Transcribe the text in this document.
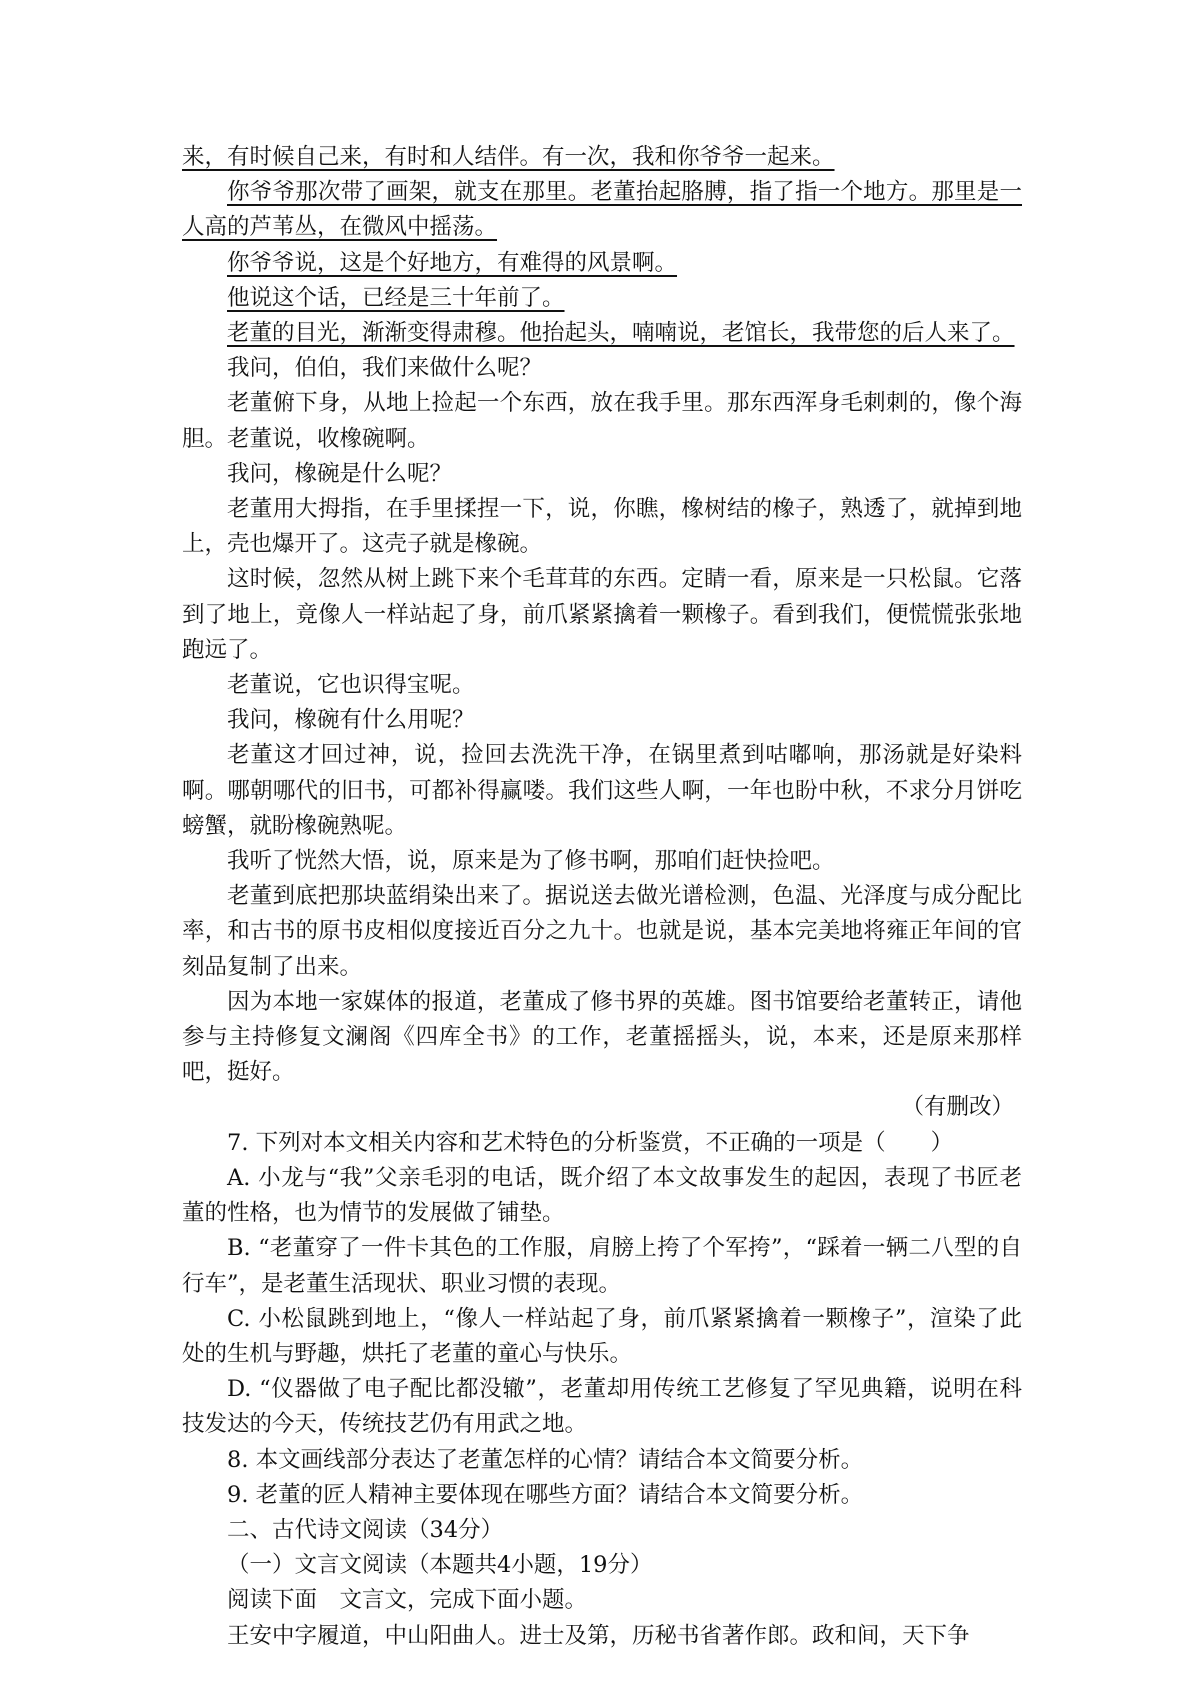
来，有时候自己来，有时和人结伴。有一次，我和你爷爷一起来。

你爷爷那次带了画架，就支在那里。老董抬起胳膊，指了指一个地方。那里是一人高的芦苇丛，在微风中摇荡。

你爷爷说，这是个好地方，有难得的风景啊。

他说这个话，已经是三十年前了。

老董的目光，渐渐变得肃穆。他抬起头，喃喃说，老馆长，我带您的后人来了。

我问，伯伯，我们来做什么呢？

老董俯下身，从地上捡起一个东西，放在我手里。那东西浑身毛刺刺的，像个海胆。老董说，收橡碗啊。

我问，橡碗是什么呢？

老董用大拇指，在手里揉捏一下，说，你瞧，橡树结的橡子，熟透了，就掉到地上，壳也爆开了。这壳子就是橡碗。

这时候，忽然从树上跳下来个毛茸茸的东西。定睛一看，原来是一只松鼠。它落到了地上，竟像人一样站起了身，前爪紧紧擒着一颗橡子。看到我们，便慌慌张张地跑远了。

老董说，它也识得宝呢。

我问，橡碗有什么用呢？

老董这才回过神，说，捡回去洗洗干净，在锅里煮到咕嘟响，那汤就是好染料啊。哪朝哪代的旧书，可都补得赢喽。我们这些人啊，一年也盼中秋，不求分月饼吃螃蟹，就盼橡碗熟呢。

我听了恍然大悟，说，原来是为了修书啊，那咱们赶快捡吧。

老董到底把那块蓝绢染出来了。据说送去做光谱检测，色温、光泽度与成分配比率，和古书的原书皮相似度接近百分之九十。也就是说，基本完美地将雍正年间的官刻品复制了出来。

因为本地一家媒体的报道，老董成了修书界的英雄。图书馆要给老董转正，请他参与主持修复文澜阁《四库全书》的工作，老董摇摇头，说，本来，还是原来那样吧，挺好。

（有删改）

7. 下列对本文相关内容和艺术特色的分析鉴赏，不正确的一项是（　　）

A. 小龙与“我”父亲毛羽的电话，既介绍了本文故事发生的起因，表现了书匠老董的性格，也为情节的发展做了铺垫。

B. “老董穿了一件卡其色的工作服，肩膀上挎了个军挎”，“踩着一辆二八型的自行车”，是老董生活现状、职业习惯的表现。

C. 小松鼠跳到地上，“像人一样站起了身，前爪紧紧擒着一颗橡子”，渲染了此处的生机与野趣，烘托了老董的童心与快乐。

D. “仪器做了电子配比都没辙”，老董却用传统工艺修复了罕见典籍，说明在科技发达的今天，传统技艺仍有用武之地。

8. 本文画线部分表达了老董怎样的心情？请结合本文简要分析。

9. 老董的匠人精神主要体现在哪些方面？请结合本文简要分析。

二、古代诗文阅读（34分）

（一）文言文阅读（本题共4小题，19分）

阅读下面　文言文，完成下面小题。

王安中字履道，中山阳曲人。进士及第，历秘书省著作郎。政和间，天下争
